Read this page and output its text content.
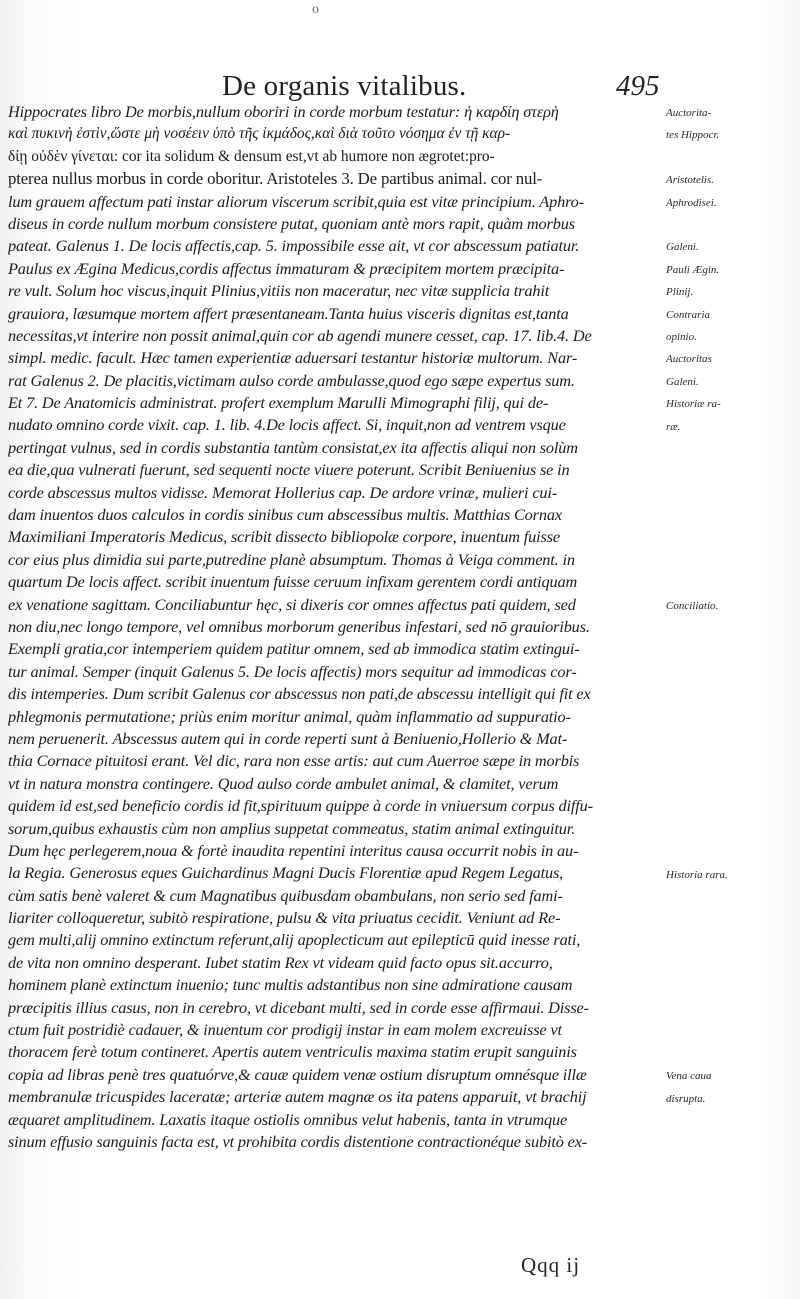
o
De organis vitalibus.	495
Hippocrates libro De morbis,nullum oboriri in corde morbum testatur: ἡ καρδίη στερὴ
καὶ πυκινὴ ἐστὶν,ὥστε μὴ νοσέειν ὑπὸ τῆς ἰκμάδος,καὶ διὰ τοῦτο νόσημα ἐν τῇ καρ-
δίῃ οὐδὲν γίνεται: cor ita solidum & densum est,vt ab humore non ægrotet:pro-
pterea nullus morbus in corde oboritur. Aristoteles 3. De partibus animal. cor nul-
lum grauem affectum pati instar aliorum viscerum scribit,quia est vitæ principium. Aphro-
diseus in corde nullum morbum consistere putat, quoniam antè mors rapit, quàm morbus
pateat. Galenus 1. De locis affectis,cap. 5. impossibile esse ait, vt cor abscessum patiatur.
Paulus ex Ægina Medicus,cordis affectus immaturam & præcipitem mortem præcipita-
re vult. Solum hoc viscus,inquit Plinius,vitiis non maceratur, nec vitæ supplicia trahit
grauiora, læsumque mortem affert præsentaneam.Tanta huius visceris dignitas est,tanta
necessitas,vt interire non possit animal,quin cor ab agendi munere cesset, cap. 17. lib.4. De
simpl. medic. facult. Hæc tamen experientiæ aduersari testantur historiæ multorum. Nar-
rat Galenus 2. De placitis,victimam aulso corde ambulasse,quod ego sæpe expertus sum.
Et 7. De Anatomicis administrat. profert exemplum Marulli Mimographi filij, qui de-
nudato omnino corde vixit. cap. 1. lib. 4.De locis affect. Si, inquit,non ad ventrem vsque
pertingat vulnus, sed in cordis substantia tantùm consistat,ex ita affectis aliqui non solùm
ea die,qua vulnerati fuerunt, sed sequenti nocte viuere poterunt. Scribit Beniuenius se in
corde abscessus multos vidisse. Memorat Hollerius cap. De ardore vrinæ, mulieri cui-
dam inuentos duos calculos in cordis sinibus cum abscessibus multis. Matthias Cornax
Maximiliani Imperatoris Medicus, scribit dissecto bibliopolæ corpore, inuentum fuisse
cor eius plus dimidia sui parte,putredine planè absumptum. Thomas à Veiga comment. in
quartum De locis affect. scribit inuentum fuisse ceruum infixam gerentem cordi antiquam
ex venatione sagittam. Conciliabuntur hęc, si dixeris cor omnes affectus pati quidem, sed
non diu,nec longo tempore, vel omnibus morborum generibus infestari, sed nō grauioribus.
Exempli gratia,cor intemperiem quidem patitur omnem, sed ab immodica statim extingui-
tur animal. Semper (inquit Galenus 5. De locis affectis) mors sequitur ad immodicas cor-
dis intemperies. Dum scribit Galenus cor abscessus non pati,de abscessu intelligit qui fit ex
phlegmonis permutatione; priùs enim moritur animal, quàm inflammatio ad suppuratio-
nem peruenerit. Abscessus autem qui in corde reperti sunt à Beniuenio,Hollerio & Mat-
thia Cornace pituitosi erant. Vel dic, rara non esse artis: aut cum Auerroe sæpe in morbis
vt in natura monstra contingere. Quod aulso corde ambulet animal, & clamitet, verum
quidem id est,sed beneficio cordis id fit,spirituum quippe à corde in vniuersum corpus diffu-
sorum,quibus exhaustis cùm non amplius suppetat commeatus, statim animal extinguitur.
Dum hęc perlegerem,noua & fortè inaudita repentini interitus causa occurrit nobis in au-
la Regia. Generosus eques Guichardinus Magni Ducis Florentiæ apud Regem Legatus,
cùm satis benè valeret & cum Magnatibus quibusdam obambulans, non serio sed fami-
liariter colloqueretur, subitò respiratione, pulsu & vita priuatus cecidit. Veniunt ad Re-
gem multi,alij omnino extinctum referunt,alij apoplecticum aut epilepticū quid inesse rati,
de vita non omnino desperant. Iubet statim Rex vt videam quid facto opus sit.accurro,
hominem planè extinctum inuenio; tunc multis adstantibus non sine admiratione causam
præcipitis illius casus, non in cerebro, vt dicebant multi, sed in corde esse affirmaui. Disse-
ctum fuit postridiè cadauer, & inuentum cor prodigij instar in eam molem excreuisse vt
thoracem ferè totum contineret. Apertis autem ventriculis maxima statim erupit sanguinis
copia ad libras penè tres quatuórve,& cauæ quidem venæ ostium disruptum omnésque illæ
membranulæ tricuspides laceratæ; arteriæ autem magnæ os ita patens apparuit, vt brachij
æquaret amplitudinem. Laxatis itaque ostiolis omnibus velut habenis, tanta in vtrumque
sinum effusio sanguinis facta est, vt prohibita cordis distentione contractionéque subitò ex-
Auctorita-
tes Hippocr.
Aristotelis.
Aphrodisei.
Galeni.
Pauli Ægin.
Plinij.
Contraria
opinio.
Auctoritas
Galeni.
Historiæ ra-
ræ.
Conciliatio.
Historia rara.
Vena caua
disrupta.
Qqq ij
